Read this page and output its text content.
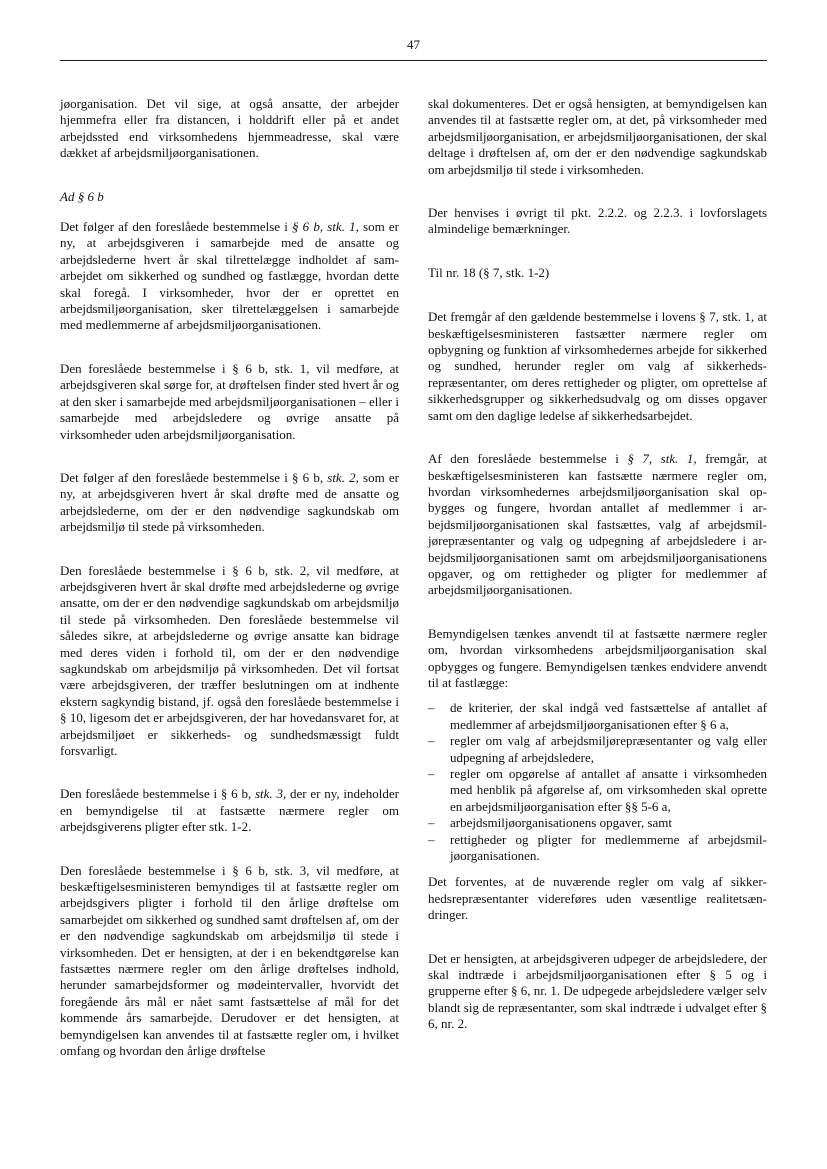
47

jøorganisation. Det vil sige, at også ansatte, der arbejder hjemmefra eller fra distancen, i holddrift eller på et andet arbejdssted end virksomhedens hjemmeadresse, skal være dækket af arbejdsmiljøorganisationen.

Ad § 6 b

Det følger af den foreslåede bestemmelse i § 6 b, stk. 1, som er ny, at arbejdsgiveren i samarbejde med de ansatte og arbejdslederne hvert år skal tilrettelægge indholdet af samarbejdet om sikkerhed og sundhed og fastlægge, hvordan dette skal foregå. I virksomheder, hvor der er oprettet en arbejdsmiljøorganisation, sker tilrettelæggelsen i samarbejde med medlemmerne af arbejdsmiljøorganisationen.

Den foreslåede bestemmelse i § 6 b, stk. 1, vil medføre, at arbejdsgiveren skal sørge for, at drøftelsen finder sted hvert år og at den sker i samarbejde med arbejdsmiljøorganisationen – eller i samarbejde med arbejdsledere og øvrige ansatte på virksomheder uden arbejdsmiljøorganisation.

Det følger af den foreslåede bestemmelse i § 6 b, stk. 2, som er ny, at arbejdsgiveren hvert år skal drøfte med de ansatte og arbejdslederne, om der er den nødvendige sagkundskab om arbejdsmiljø til stede på virksomheden.

Den foreslåede bestemmelse i § 6 b, stk. 2, vil medføre, at arbejdsgiveren hvert år skal drøfte med arbejdslederne og øvrige ansatte, om der er den nødvendige sagkundskab om arbejdsmiljø til stede på virksomheden. Den foreslåede bestemmelse vil således sikre, at arbejdslederne og øvrige ansatte kan bidrage med deres viden i forhold til, om der er den nødvendige sagkundskab om arbejdsmiljø på virksomheden. Det vil fortsat være arbejdsgiveren, der træffer beslutningen om at indhente ekstern sagkyndig bistand, jf. også den foreslåede bestemmelse i § 10, ligesom det er arbejdsgiveren, der har hovedansvaret for, at arbejdsmiljøet er sikkerheds- og sundhedsmæssigt fuldt forsvarligt.

Den foreslåede bestemmelse i § 6 b, stk. 3, der er ny, indeholder en bemyndigelse til at fastsætte nærmere regler om arbejdsgiverens pligter efter stk. 1-2.

Den foreslåede bestemmelse i § 6 b, stk. 3, vil medføre, at beskæftigelsesministeren bemyndiges til at fastsætte regler om arbejdsgivers pligter i forhold til den årlige drøftelse om samarbejdet om sikkerhed og sundhed samt drøftelsen af, om der er den nødvendige sagkundskab om arbejdsmiljø til stede i virksomheden. Det er hensigten, at der i en bekendtgørelse kan fastsættes nærmere regler om den årlige drøftelses indhold, herunder samarbejdsformer og mødeintervaller, hvorvidt det foregående års mål er nået samt fastsættelse af mål for det kommende års samarbejde. Derudover er det hensigten, at bemyndigelsen kan anvendes til at fastsætte regler om, i hvilket omfang og hvordan den årlige drøftelse

skal dokumenteres. Det er også hensigten, at bemyndigelsen kan anvendes til at fastsætte regler om, at det, på virksomheder med arbejdsmiljøorganisation, er arbejdsmiljøorganisationen, der skal deltage i drøftelsen af, om der er den nødvendige sagkundskab om arbejdsmiljø til stede i virksomheden.

Der henvises i øvrigt til pkt. 2.2.2. og 2.2.3. i lovforslagets almindelige bemærkninger.

Til nr. 18 (§ 7, stk. 1-2)

Det fremgår af den gældende bestemmelse i lovens § 7, stk. 1, at beskæftigelsesministeren fastsætter nærmere regler om opbygning og funktion af virksomhedernes arbejde for sikkerhed og sundhed, herunder regler om valg af sikkerhedsrepræsentanter, om deres rettigheder og pligter, om oprettelse af sikkerhedsgrupper og sikkerhedsudvalg og om disses opgaver samt om den daglige ledelse af sikkerhedsarbejdet.

Af den foreslåede bestemmelse i § 7, stk. 1, fremgår, at beskæftigelsesministeren kan fastsætte nærmere regler om, hvordan virksomhedernes arbejdsmiljøorganisation skal opbygges og fungere, hvordan antallet af medlemmer i arbejdsmiljøorganisationen skal fastsættes, valg af arbejdsmiljørepræsentanter og valg og udpegning af arbejdsledere i arbejdsmiljøorganisationen samt om arbejdsmiljøorganisationens opgaver, og om rettigheder og pligter for medlemmer af arbejdsmiljøorganisationen.

Bemyndigelsen tænkes anvendt til at fastsætte nærmere regler om, hvordan virksomhedens arbejdsmiljøorganisation skal opbygges og fungere. Bemyndigelsen tænkes endvidere anvendt til at fastlægge:

– de kriterier, der skal indgå ved fastsættelse af antallet af medlemmer af arbejdsmiljøorganisationen efter § 6 a,
– regler om valg af arbejdsmiljørepræsentanter og valg eller udpegning af arbejdsledere,
– regler om opgørelse af antallet af ansatte i virksomheden med henblik på afgørelse af, om virksomheden skal oprette en arbejdsmiljøorganisation efter §§ 5-6 a,
– arbejdsmiljøorganisationens opgaver, samt
– rettigheder og pligter for medlemmerne af arbejdsmiljøorganisationen.

Det forventes, at de nuværende regler om valg af sikkerhedsrepræsentanter videreføres uden væsentlige realitetsændringer.

Det er hensigten, at arbejdsgiveren udpeger de arbejdsledere, der skal indtræde i arbejdsmiljøorganisationen efter § 5 og i grupperne efter § 6, nr. 1. De udpegede arbejdsledere vælger selv blandt sig de repræsentanter, som skal indtræde i udvalget efter § 6, nr. 2.
